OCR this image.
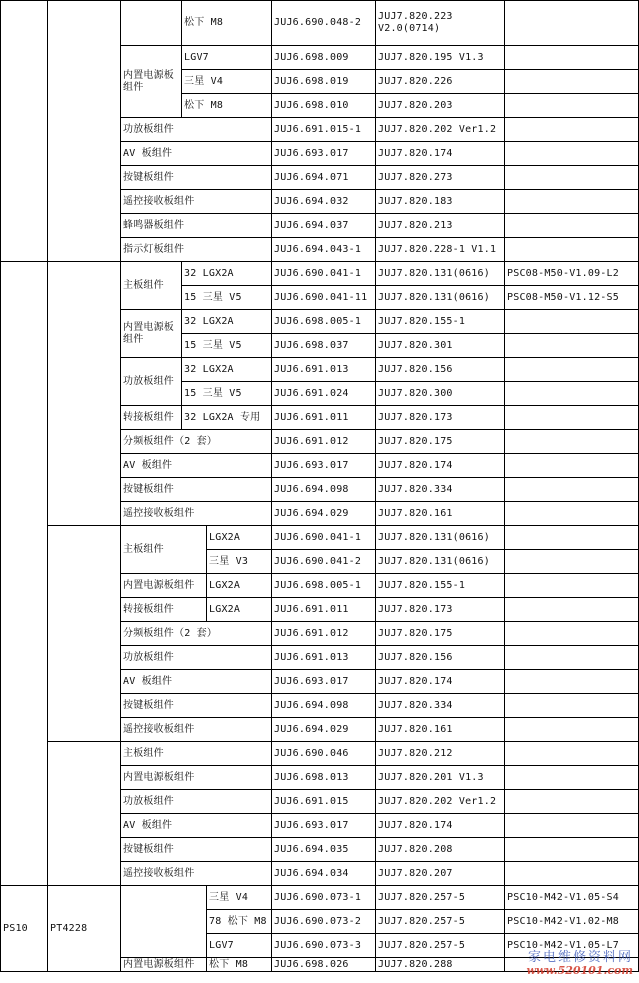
			松下 M8		JUJ6.690.048-2	JUJ7.820.223
V2.0(0714)	
		内置电源板组件	LGV7		JUJ6.698.009	JUJ7.820.195 V1.3	
			三星 V4		JUJ6.698.019	JUJ7.820.226	
			松下 M8		JUJ6.698.010	JUJ7.820.203	
		功放板组件			JUJ6.691.015-1	JUJ7.820.202 Ver1.2	
		AV 板组件			JUJ6.693.017	JUJ7.820.174	
		按键板组件			JUJ6.694.071	JUJ7.820.273	
		遥控接收板组件			JUJ6.694.032	JUJ7.820.183	
		蜂鸣器板组件			JUJ6.694.037	JUJ7.820.213	
		指示灯板组件			JUJ6.694.043-1	JUJ7.820.228-1 V1.1	
		主板组件	32 LGX2A		JUJ6.690.041-1	JUJ7.820.131(0616)	PSC08-M50-V1.09-L2
			15 三星 V5		JUJ6.690.041-11	JUJ7.820.131(0616)	PSC08-M50-V1.12-S5
		内置电源板组件	32 LGX2A		JUJ6.698.005-1	JUJ7.820.155-1	
			15 三星 V5		JUJ6.698.037	JUJ7.820.301	
		功放板组件	32 LGX2A		JUJ6.691.013	JUJ7.820.156	
			15 三星 V5		JUJ6.691.024	JUJ7.820.300	
		转接板组件	32 LGX2A 专用		JUJ6.691.011	JUJ7.820.173	
		分频板组件（2 套）			JUJ6.691.012	JUJ7.820.175	
		AV 板组件			JUJ6.693.017	JUJ7.820.174	
		按键板组件			JUJ6.694.098	JUJ7.820.334	
		遥控接收板组件			JUJ6.694.029	JUJ7.820.161	
		主板组件		LGX2A	JUJ6.690.041-1	JUJ7.820.131(0616)	
				三星 V3	JUJ6.690.041-2	JUJ7.820.131(0616)	
		内置电源板组件		LGX2A	JUJ6.698.005-1	JUJ7.820.155-1	
		转接板组件		LGX2A	JUJ6.691.011	JUJ7.820.173	
		分频板组件（2 套）			JUJ6.691.012	JUJ7.820.175	
		功放板组件			JUJ6.691.013	JUJ7.820.156	
		AV 板组件			JUJ6.693.017	JUJ7.820.174	
		按键板组件			JUJ6.694.098	JUJ7.820.334	
		遥控接收板组件			JUJ6.694.029	JUJ7.820.161	
		主板组件			JUJ6.690.046	JUJ7.820.212	
		内置电源板组件			JUJ6.698.013	JUJ7.820.201 V1.3	
		功放板组件			JUJ6.691.015	JUJ7.820.202 Ver1.2	
		AV 板组件			JUJ6.693.017	JUJ7.820.174	
		按键板组件			JUJ6.694.035	JUJ7.820.208	
		遥控接收板组件			JUJ6.694.034	JUJ7.820.207	
PS10	PT4228			三星 V4	JUJ6.690.073-1	JUJ7.820.257-5	PSC10-M42-V1.05-S4
				78 松下 M8	JUJ6.690.073-2	JUJ7.820.257-5	PSC10-M42-V1.02-M8
				LGV7	JUJ6.690.073-3	JUJ7.820.257-5	PSC10-M42-V1.05-L7
		内置电源板组件		松下 M8	JUJ6.698.026	JUJ7.820.288		家电维修资料网
www.520101.com
